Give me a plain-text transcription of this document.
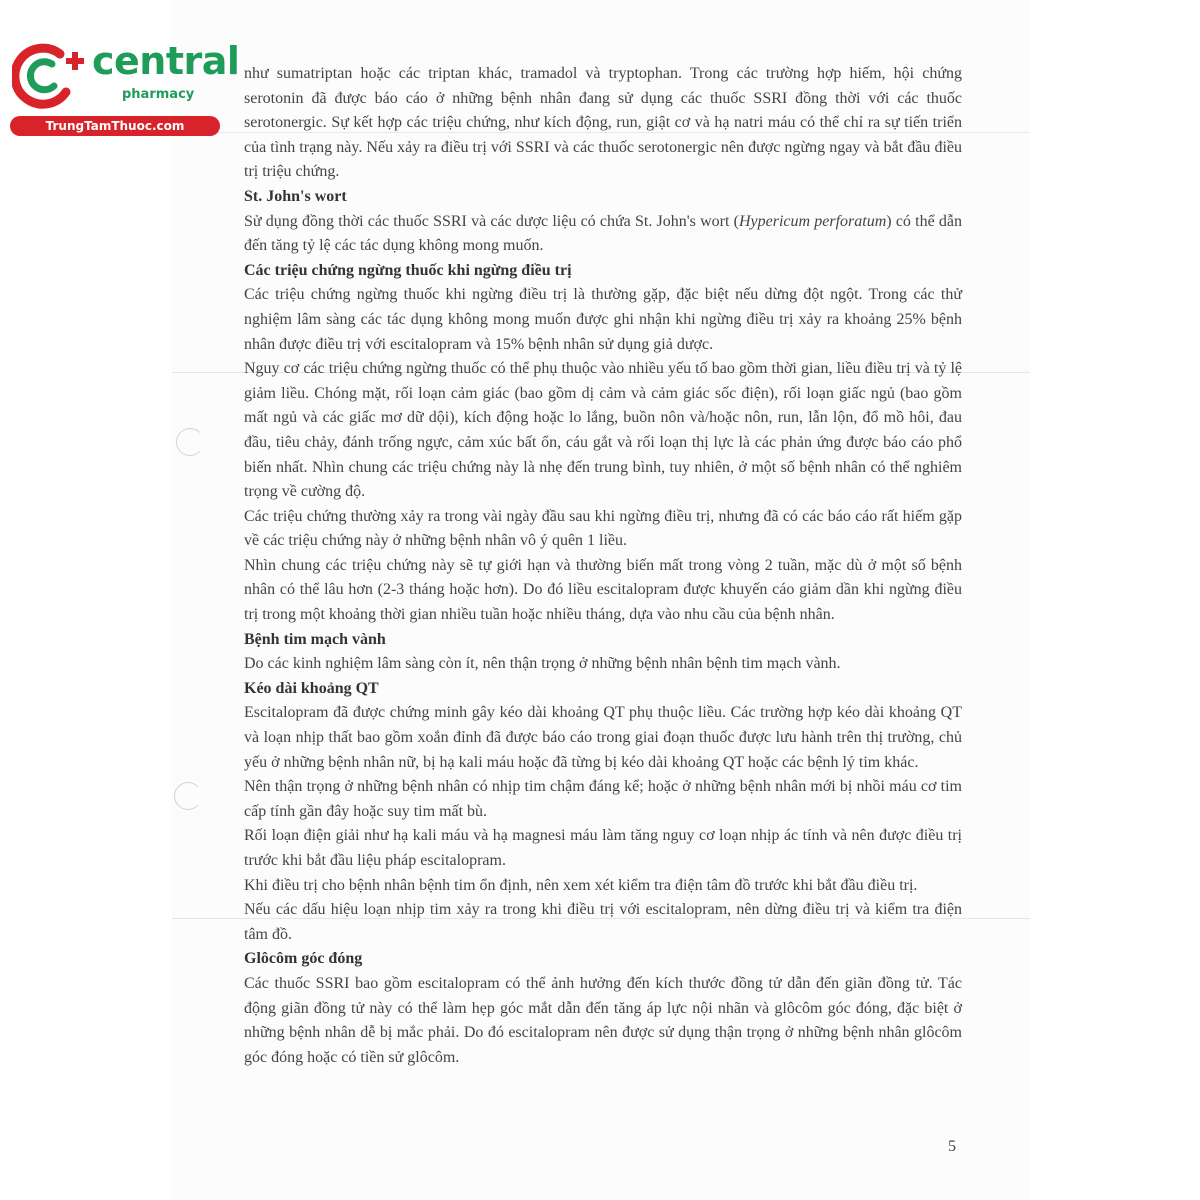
central
pharmacy
TrungTamThuoc.com

như sumatriptan hoặc các triptan khác, tramadol và tryptophan. Trong các trường hợp hiếm, hội chứng serotonin đã được báo cáo ở những bệnh nhân đang sử dụng các thuốc SSRI đồng thời với các thuốc serotonergic. Sự kết hợp các triệu chứng, như kích động, run, giật cơ và hạ natri máu có thể chỉ ra sự tiến triển của tình trạng này. Nếu xảy ra điều trị với SSRI và các thuốc serotonergic nên được ngừng ngay và bắt đầu điều trị triệu chứng.

St. John's wort

Sử dụng đồng thời các thuốc SSRI và các dược liệu có chứa St. John's wort (Hypericum perforatum) có thể dẫn đến tăng tỷ lệ các tác dụng không mong muốn.

Các triệu chứng ngừng thuốc khi ngừng điều trị

Các triệu chứng ngừng thuốc khi ngừng điều trị là thường gặp, đặc biệt nếu dừng đột ngột. Trong các thử nghiệm lâm sàng các tác dụng không mong muốn được ghi nhận khi ngừng điều trị xảy ra khoảng 25% bệnh nhân được điều trị với escitalopram và 15% bệnh nhân sử dụng giả dược.

Nguy cơ các triệu chứng ngừng thuốc có thể phụ thuộc vào nhiều yếu tố bao gồm thời gian, liều điều trị và tỷ lệ giảm liều. Chóng mặt, rối loạn cảm giác (bao gồm dị cảm và cảm giác sốc điện), rối loạn giấc ngủ (bao gồm mất ngủ và các giấc mơ dữ dội), kích động hoặc lo lắng, buồn nôn và/hoặc nôn, run, lẫn lộn, đổ mồ hôi, đau đầu, tiêu chảy, đánh trống ngực, cảm xúc bất ổn, cáu gắt và rối loạn thị lực là các phản ứng được báo cáo phổ biến nhất. Nhìn chung các triệu chứng này là nhẹ đến trung bình, tuy nhiên, ở một số bệnh nhân có thể nghiêm trọng về cường độ.

Các triệu chứng thường xảy ra trong vài ngày đầu sau khi ngừng điều trị, nhưng đã có các báo cáo rất hiếm gặp về các triệu chứng này ở những bệnh nhân vô ý quên 1 liều.

Nhìn chung các triệu chứng này sẽ tự giới hạn và thường biến mất trong vòng 2 tuần, mặc dù ở một số bệnh nhân có thể lâu hơn (2-3 tháng hoặc hơn). Do đó liều escitalopram được khuyến cáo giảm dần khi ngừng điều trị trong một khoảng thời gian nhiều tuần hoặc nhiều tháng, dựa vào nhu cầu của bệnh nhân.

Bệnh tim mạch vành

Do các kinh nghiệm lâm sàng còn ít, nên thận trọng ở những bệnh nhân bệnh tim mạch vành.

Kéo dài khoảng QT

Escitalopram đã được chứng minh gây kéo dài khoảng QT phụ thuộc liều. Các trường hợp kéo dài khoảng QT và loạn nhịp thất bao gồm xoắn đỉnh đã được báo cáo trong giai đoạn thuốc được lưu hành trên thị trường, chủ yếu ở những bệnh nhân nữ, bị hạ kali máu hoặc đã từng bị kéo dài khoảng QT hoặc các bệnh lý tim khác.

Nên thận trọng ở những bệnh nhân có nhịp tim chậm đáng kể; hoặc ở những bệnh nhân mới bị nhồi máu cơ tim cấp tính gần đây hoặc suy tim mất bù.

Rối loạn điện giải như hạ kali máu và hạ magnesi máu làm tăng nguy cơ loạn nhịp ác tính và nên được điều trị trước khi bắt đầu liệu pháp escitalopram.

Khi điều trị cho bệnh nhân bệnh tim ổn định, nên xem xét kiểm tra điện tâm đồ trước khi bắt đầu điều trị.

Nếu các dấu hiệu loạn nhịp tim xảy ra trong khi điều trị với escitalopram, nên dừng điều trị và kiểm tra điện tâm đồ.

Glôcôm góc đóng

Các thuốc SSRI bao gồm escitalopram có thể ảnh hưởng đến kích thước đồng tử dẫn đến giãn đồng tử. Tác động giãn đồng tử này có thể làm hẹp góc mắt dẫn đến tăng áp lực nội nhãn và glôcôm góc đóng, đặc biệt ở những bệnh nhân dễ bị mắc phải. Do đó escitalopram nên được sử dụng thận trọng ở những bệnh nhân glôcôm góc đóng hoặc có tiền sử glôcôm.

5
